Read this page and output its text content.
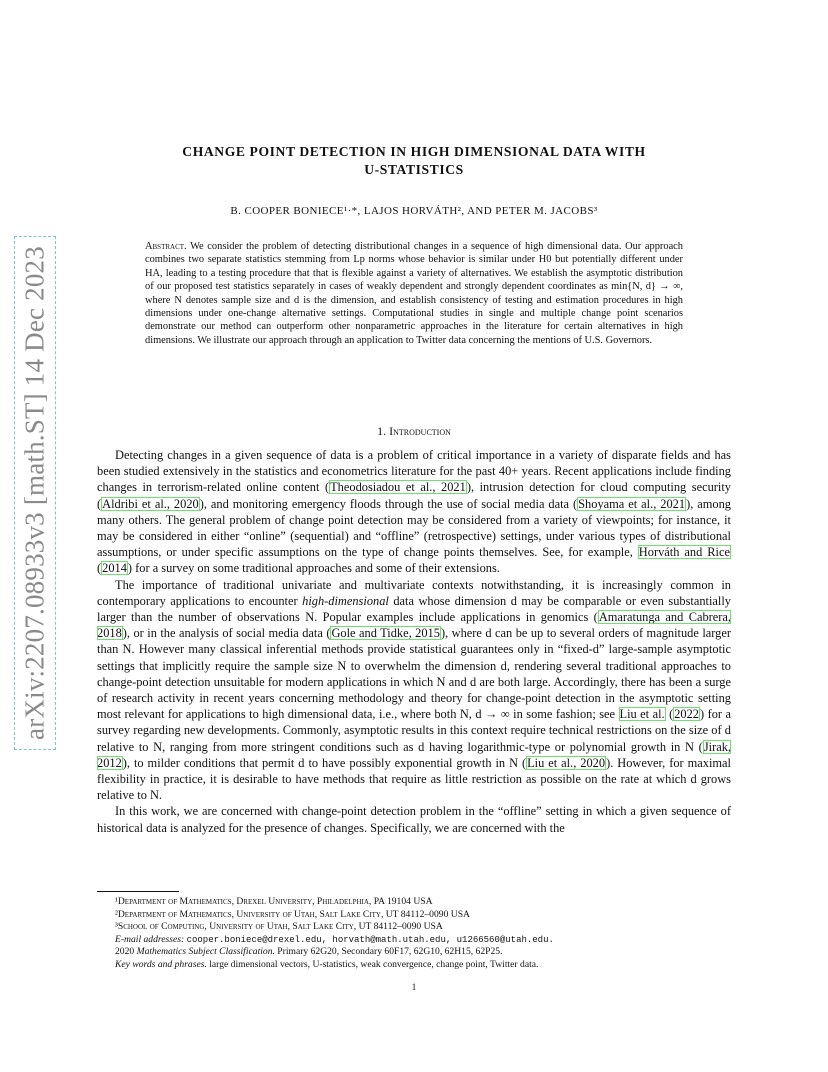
arXiv:2207.08933v3 [math.ST] 14 Dec 2023
CHANGE POINT DETECTION IN HIGH DIMENSIONAL DATA WITH
U-STATISTICS
B. COOPER BONIECE¹·*, LAJOS HORVÁTH², AND PETER M. JACOBS³
Abstract. We consider the problem of detecting distributional changes in a sequence of high dimensional data. Our approach combines two separate statistics stemming from Lp norms whose behavior is similar under H0 but potentially different under HA, leading to a testing procedure that that is flexible against a variety of alternatives. We establish the asymptotic distribution of our proposed test statistics separately in cases of weakly dependent and strongly dependent coordinates as min{N, d} → ∞, where N denotes sample size and d is the dimension, and establish consistency of testing and estimation procedures in high dimensions under one-change alternative settings. Computational studies in single and multiple change point scenarios demonstrate our method can outperform other nonparametric approaches in the literature for certain alternatives in high dimensions. We illustrate our approach through an application to Twitter data concerning the mentions of U.S. Governors.
1. Introduction

Detecting changes in a given sequence of data is a problem of critical importance in a variety of disparate fields and has been studied extensively in the statistics and econometrics literature for the past 40+ years. Recent applications include finding changes in terrorism-related online content (Theodosiadou et al., 2021), intrusion detection for cloud computing security (Aldribi et al., 2020), and monitoring emergency floods through the use of social media data (Shoyama et al., 2021), among many others. The general problem of change point detection may be considered from a variety of viewpoints; for instance, it may be considered in either “online” (sequential) and “offline” (retrospective) settings, under various types of distributional assumptions, or under specific assumptions on the type of change points themselves. See, for example, Horváth and Rice (2014) for a survey on some traditional approaches and some of their extensions.

The importance of traditional univariate and multivariate contexts notwithstanding, it is increasingly common in contemporary applications to encounter high-dimensional data whose dimension d may be comparable or even substantially larger than the number of observations N. Popular examples include applications in genomics (Amaratunga and Cabrera, 2018), or in the analysis of social media data (Gole and Tidke, 2015), where d can be up to several orders of magnitude larger than N. However many classical inferential methods provide statistical guarantees only in “fixed-d” large-sample asymptotic settings that implicitly require the sample size N to overwhelm the dimension d, rendering several traditional approaches to change-point detection unsuitable for modern applications in which N and d are both large. Accordingly, there has been a surge of research activity in recent years concerning methodology and theory for change-point detection in the asymptotic setting most relevant for applications to high dimensional data, i.e., where both N, d → ∞ in some fashion; see Liu et al. (2022) for a survey regarding new developments. Commonly, asymptotic results in this context require technical restrictions on the size of d relative to N, ranging from more stringent conditions such as d having logarithmic-type or polynomial growth in N (Jirak, 2012), to milder conditions that permit d to have possibly exponential growth in N (Liu et al., 2020). However, for maximal flexibility in practice, it is desirable to have methods that require as little restriction as possible on the rate at which d grows relative to N.

In this work, we are concerned with change-point detection problem in the “offline” setting in which a given sequence of historical data is analyzed for the presence of changes. Specifically, we are concerned with the

¹Department of Mathematics, Drexel University, Philadelphia, PA 19104 USA
²Department of Mathematics, University of Utah, Salt Lake City, UT 84112–0090 USA
³School of Computing, University of Utah, Salt Lake City, UT 84112–0090 USA
E-mail addresses: cooper.boniece@drexel.edu, horvath@math.utah.edu, u1266560@utah.edu.
2020 Mathematics Subject Classification. Primary 62G20, Secondary 60F17, 62G10, 62H15, 62P25.
Key words and phrases. large dimensional vectors, U-statistics, weak convergence, change point, Twitter data.
1
